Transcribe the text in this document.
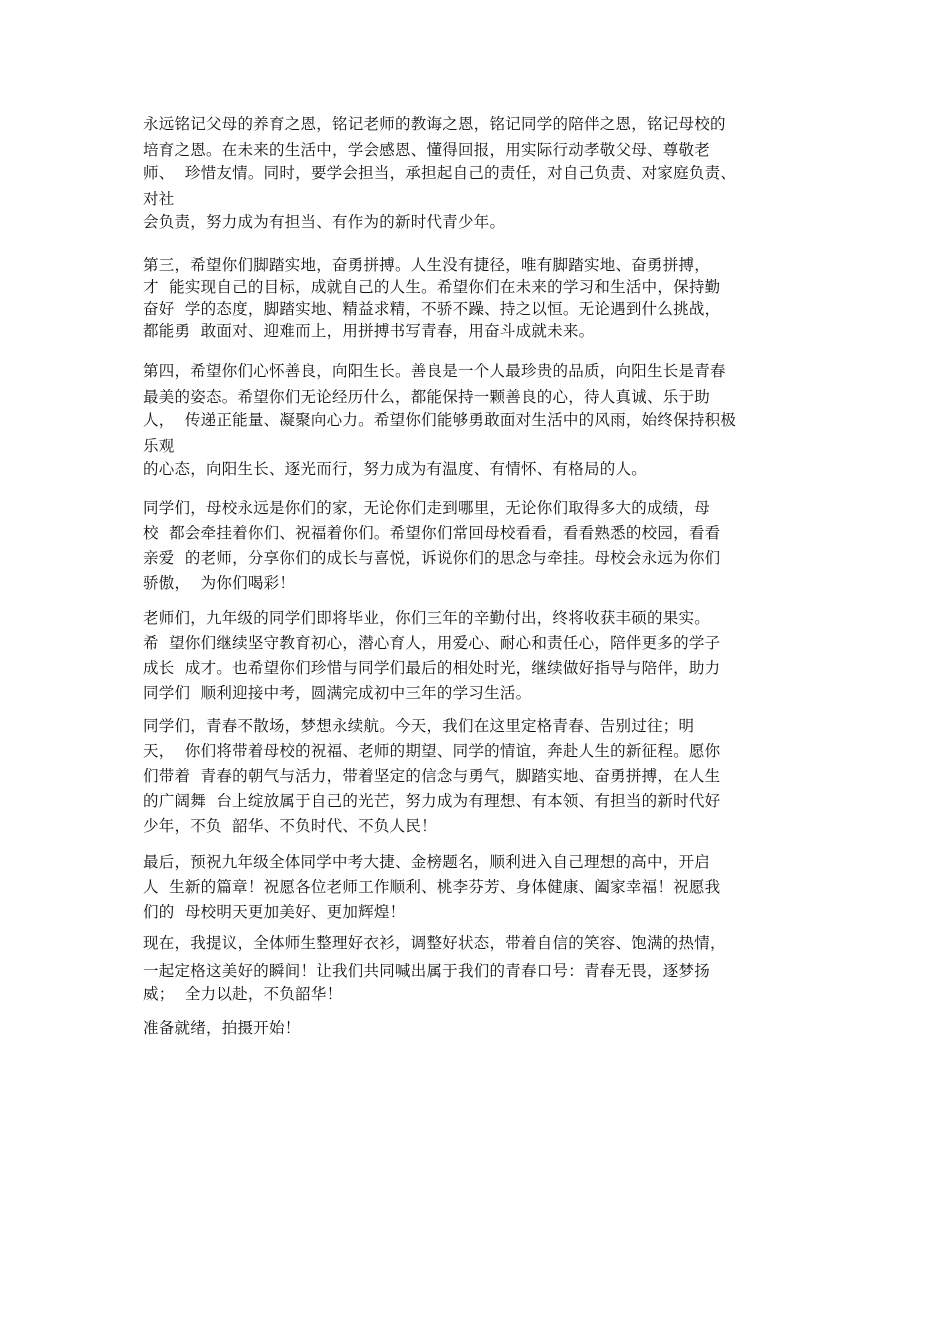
永远铭记父母的养育之恩，铭记老师的教诲之恩，铭记同学的陪伴之恩，铭记母校的
培育之恩。在未来的生活中，学会感恩、懂得回报，用实际行动孝敬父母、尊敬老
师、  珍惜友情。同时，要学会担当，承担起自己的责任，对自己负责、对家庭负责、
对社
会负责，努力成为有担当、有作为的新时代青少年。
第三，希望你们脚踏实地，奋勇拼搏。人生没有捷径，唯有脚踏实地、奋勇拼搏，
才  能实现自己的目标，成就自己的人生。希望你们在未来的学习和生活中，保持勤
奋好  学的态度，脚踏实地、精益求精，不骄不躁、持之以恒。无论遇到什么挑战，
都能勇  敢面对、迎难而上，用拼搏书写青春，用奋斗成就未来。
第四，希望你们心怀善良，向阳生长。善良是一个人最珍贵的品质，向阳生长是青春
最美的姿态。希望你们无论经历什么，都能保持一颗善良的心，待人真诚、乐于助
人，  传递正能量、凝聚向心力。希望你们能够勇敢面对生活中的风雨，始终保持积极
乐观
的心态，向阳生长、逐光而行，努力成为有温度、有情怀、有格局的人。
同学们，母校永远是你们的家，无论你们走到哪里，无论你们取得多大的成绩，母
校  都会牵挂着你们、祝福着你们。希望你们常回母校看看，看看熟悉的校园，看看
亲爱  的老师，分享你们的成长与喜悦，诉说你们的思念与牵挂。母校会永远为你们
骄傲，  为你们喝彩！
老师们，九年级的同学们即将毕业，你们三年的辛勤付出，终将收获丰硕的果实。
希  望你们继续坚守教育初心，潜心育人，用爱心、耐心和责任心，陪伴更多的学子
成长  成才。也希望你们珍惜与同学们最后的相处时光，继续做好指导与陪伴，助力
同学们  顺利迎接中考，圆满完成初中三年的学习生活。
同学们，青春不散场，梦想永续航。今天，我们在这里定格青春、告别过往；明
天，  你们将带着母校的祝福、老师的期望、同学的情谊，奔赴人生的新征程。愿你
们带着  青春的朝气与活力，带着坚定的信念与勇气，脚踏实地、奋勇拼搏，在人生
的广阔舞  台上绽放属于自己的光芒，努力成为有理想、有本领、有担当的新时代好
少年，不负  韶华、不负时代、不负人民！
最后，预祝九年级全体同学中考大捷、金榜题名，顺利进入自己理想的高中，开启
人  生新的篇章！祝愿各位老师工作顺利、桃李芬芳、身体健康、阖家幸福！祝愿我
们的  母校明天更加美好、更加辉煌！
现在，我提议，全体师生整理好衣衫，调整好状态，带着自信的笑容、饱满的热情，
一起定格这美好的瞬间！让我们共同喊出属于我们的青春口号：青春无畏，逐梦扬
威；  全力以赴，不负韶华！
准备就绪，拍摄开始！
